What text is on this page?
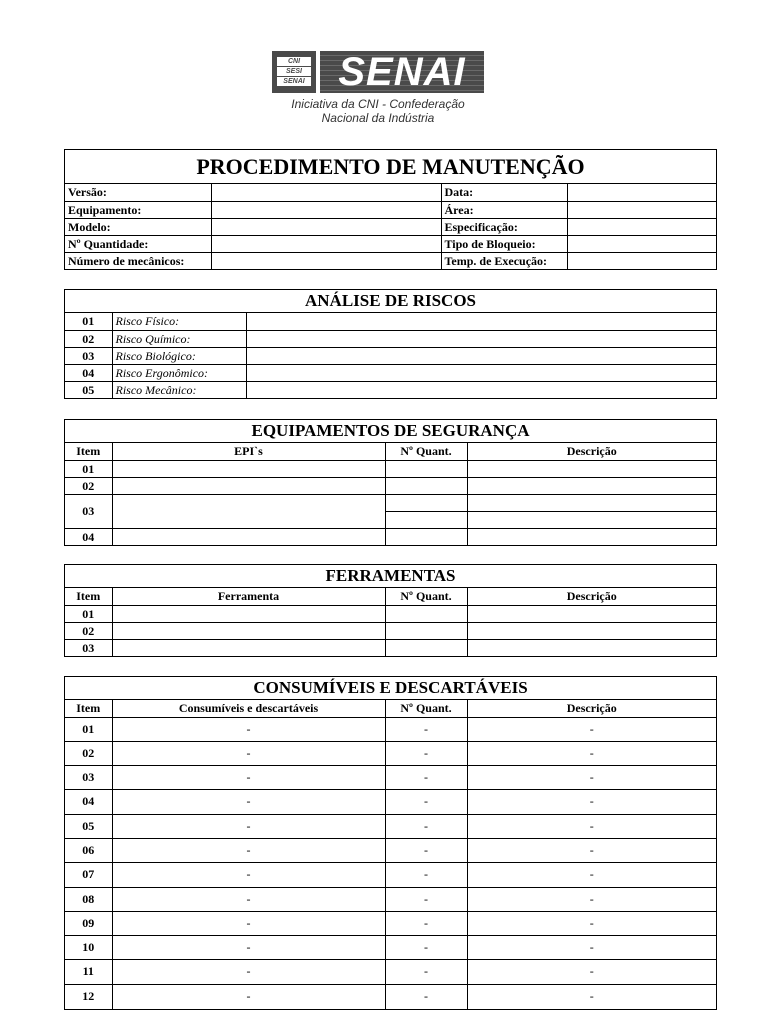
CNI
SESI
SENAI SENAI
Iniciativa da CNI - Confederação
Nacional da Indústria
PROCEDIMENTO DE MANUTENÇÃO
Versão:		Data:	
Equipamento:		Área:	
Modelo:		Especificação:	
Nº Quantidade:		Tipo de Bloqueio:	
Número de mecânicos:		Temp. de Execução:	
ANÁLISE DE RISCOS
01	Risco Físico:	
02	Risco Químico:	
03	Risco Biológico:	
04	Risco Ergonômico:	
05	Risco Mecânico:	
EQUIPAMENTOS DE SEGURANÇA
Item	EPI`s	Nº Quant.	Descrição
01			
02			
03			

04			
FERRAMENTAS
Item	Ferramenta	Nº Quant.	Descrição
01			
02			
03			
CONSUMÍVEIS E DESCARTÁVEIS
Item	Consumíveis e descartáveis	Nº Quant.	Descrição
01	-	-	-
02	-	-	-
03	-	-	-
04	-	-	-
05	-	-	-
06	-	-	-
07	-	-	-
08	-	-	-
09	-	-	-
10	-	-	-
11	-	-	-
12	-	-	-
